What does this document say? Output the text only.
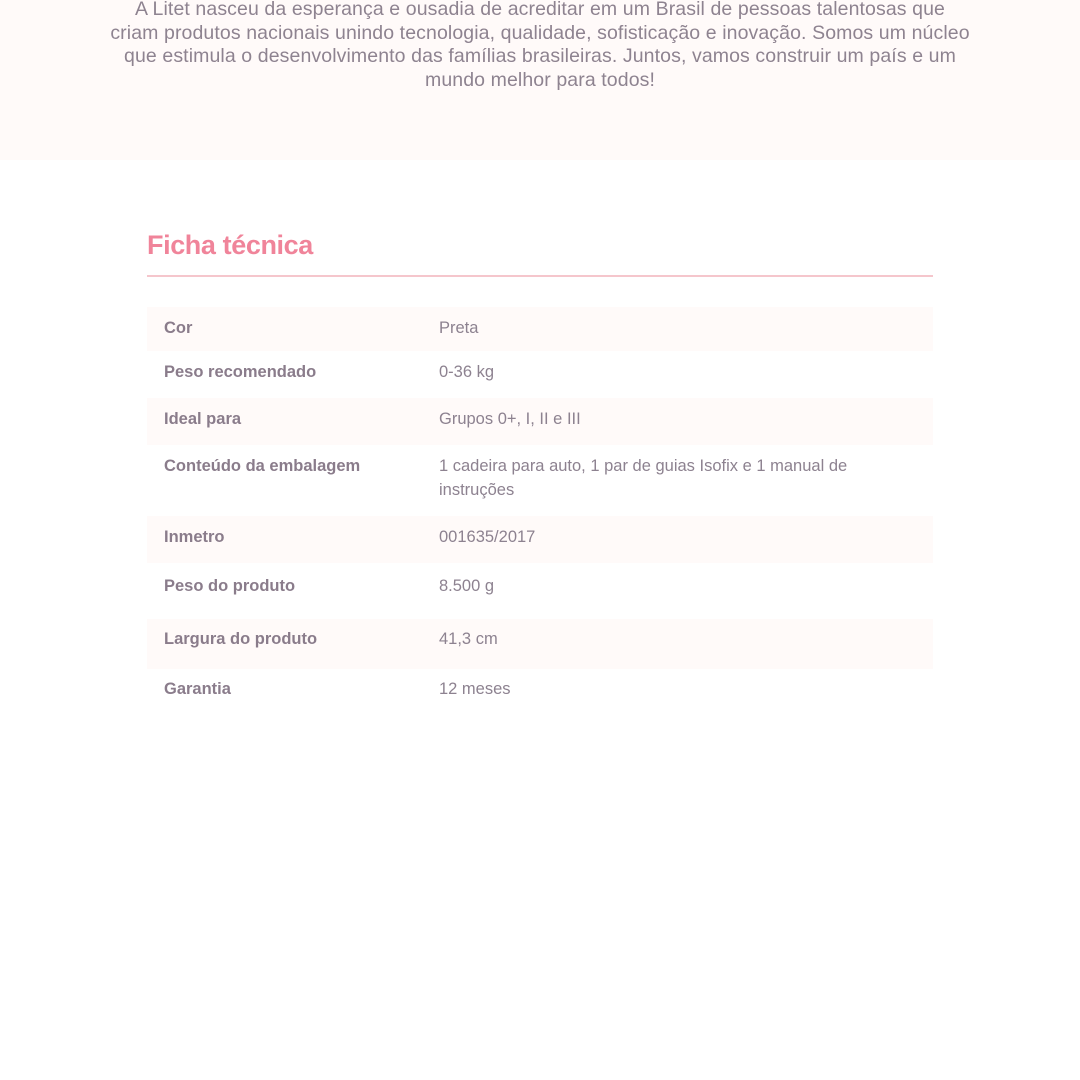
A Litet nasceu da esperança e ousadia de acreditar em um Brasil de pessoas talentosas que criam produtos nacionais unindo tecnologia, qualidade, sofisticação e inovação. Somos um núcleo que estimula o desenvolvimento das famílias brasileiras. Juntos, vamos construir um país e um mundo melhor para todos!

Ficha técnica
Cor	Preta
Peso recomendado	0-36 kg
Ideal para	Grupos 0+, I, II e III
Conteúdo da embalagem	1 cadeira para auto, 1 par de guias Isofix e 1 manual de instruções
Inmetro	001635/2017
Peso do produto	8.500 g
Largura do produto	41,3 cm
Garantia	12 meses
